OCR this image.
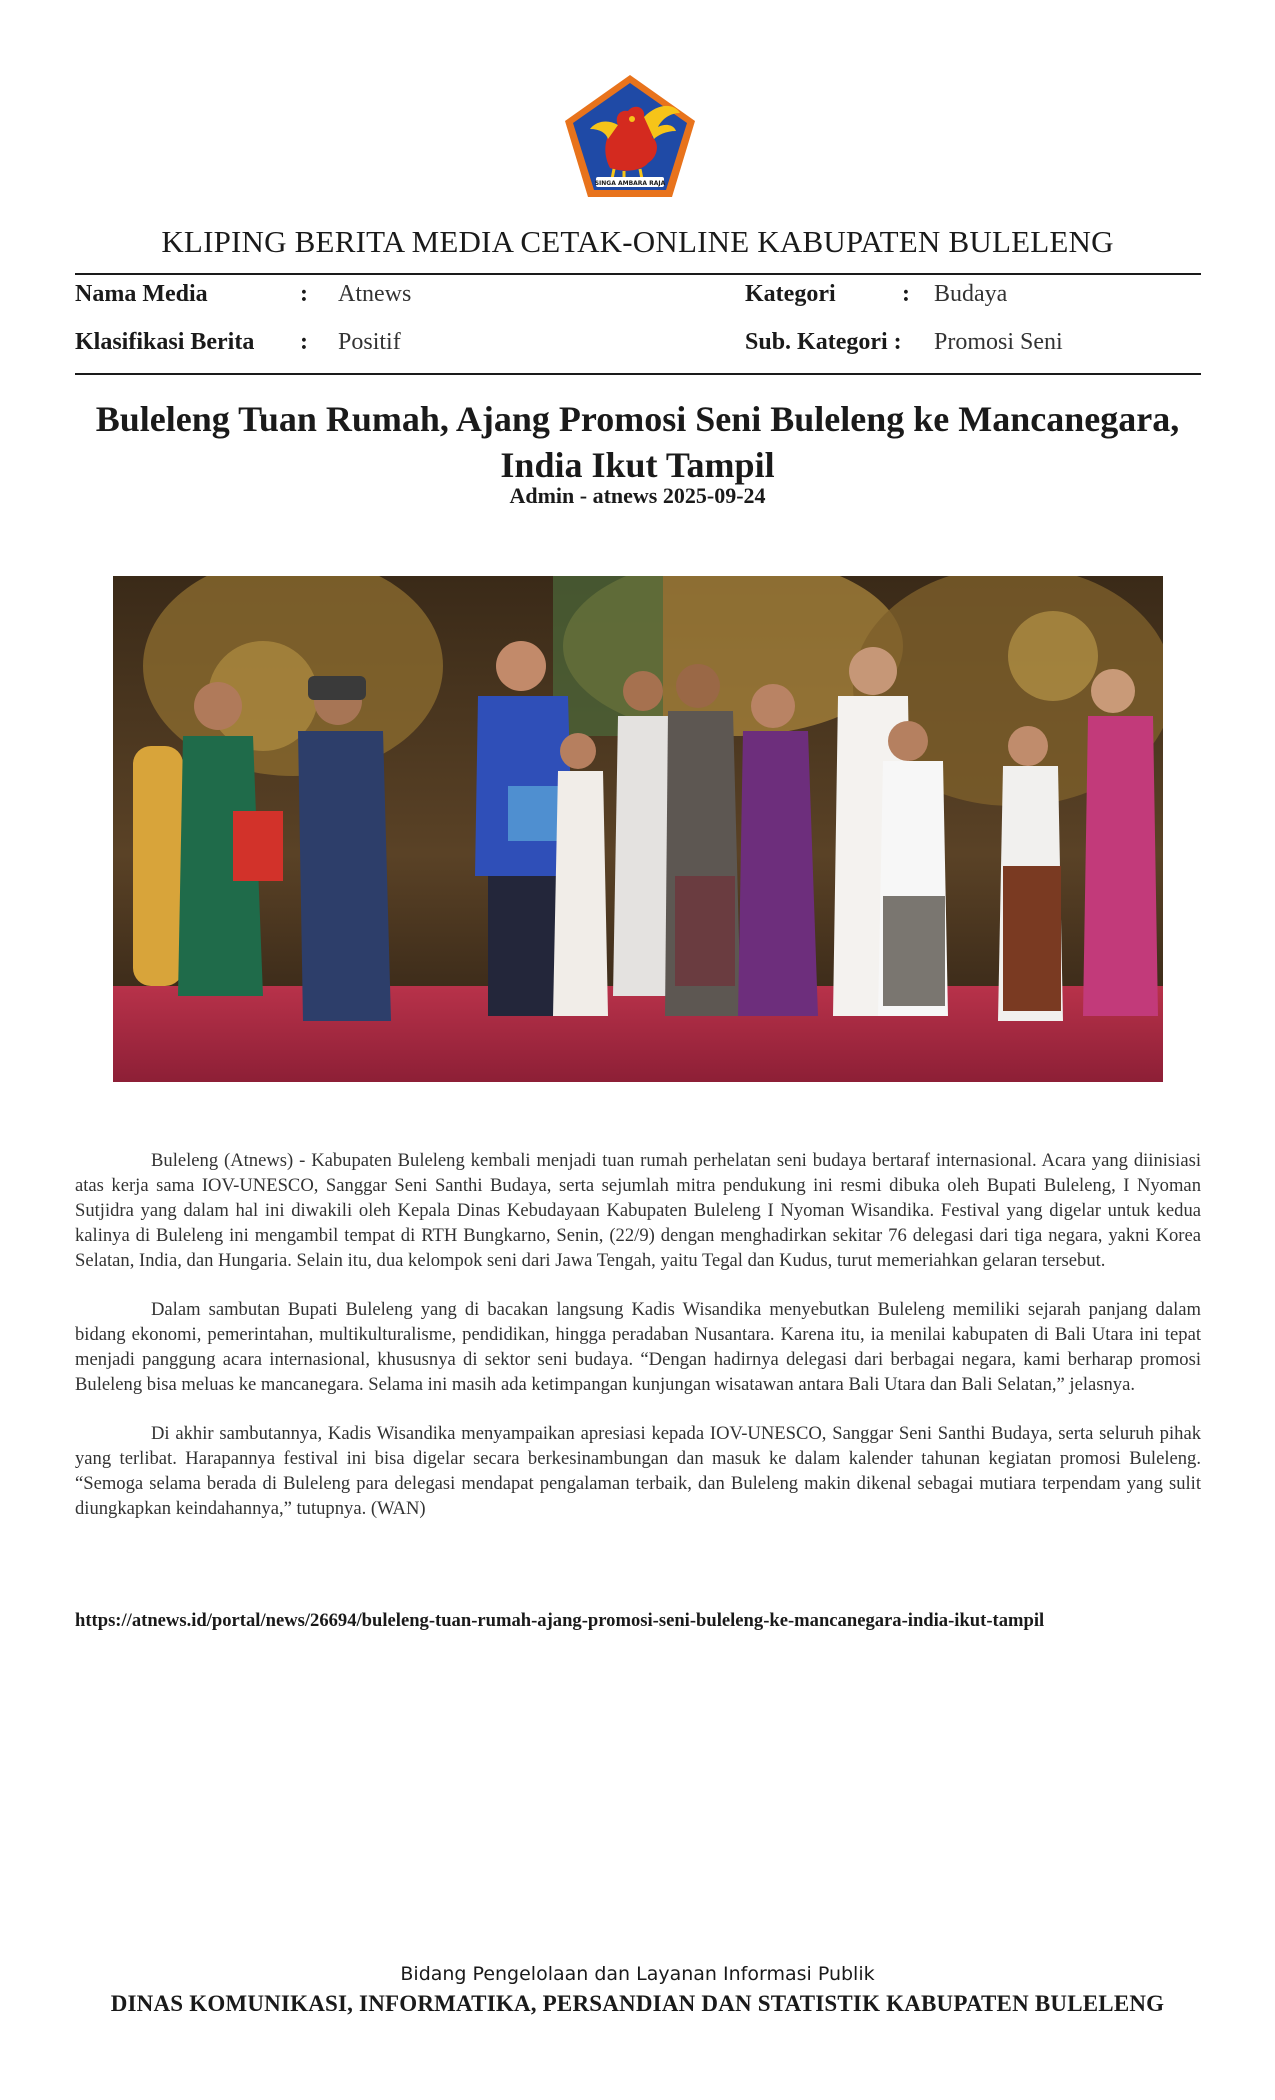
SINGA AMBARA RAJA
KLIPING BERITA MEDIA CETAK-ONLINE KABUPATEN BULELENG
Nama Media	: Atnews	Kategori	: Budaya
Klasifikasi Berita : Positif	Sub. Kategori : Promosi Seni
Buleleng Tuan Rumah, Ajang Promosi Seni Buleleng ke Mancanegara, India Ikut Tampil
Admin - atnews 2025-09-24

Buleleng (Atnews) - Kabupaten Buleleng kembali menjadi tuan rumah perhelatan seni budaya bertaraf internasional. Acara yang diinisiasi atas kerja sama IOV-UNESCO, Sanggar Seni Santhi Budaya, serta sejumlah mitra pendukung ini resmi dibuka oleh Bupati Buleleng, I Nyoman Sutjidra yang dalam hal ini diwakili oleh Kepala Dinas Kebudayaan Kabupaten Buleleng I Nyoman Wisandika. Festival yang digelar untuk kedua kalinya di Buleleng ini mengambil tempat di RTH Bungkarno, Senin, (22/9) dengan menghadirkan sekitar 76 delegasi dari tiga negara, yakni Korea Selatan, India, dan Hungaria. Selain itu, dua kelompok seni dari Jawa Tengah, yaitu Tegal dan Kudus, turut memeriahkan gelaran tersebut.

Dalam sambutan Bupati Buleleng yang di bacakan langsung Kadis Wisandika menyebutkan Buleleng memiliki sejarah panjang dalam bidang ekonomi, pemerintahan, multikulturalisme, pendidikan, hingga peradaban Nusantara. Karena itu, ia menilai kabupaten di Bali Utara ini tepat menjadi panggung acara internasional, khususnya di sektor seni budaya. “Dengan hadirnya delegasi dari berbagai negara, kami berharap promosi Buleleng bisa meluas ke mancanegara. Selama ini masih ada ketimpangan kunjungan wisatawan antara Bali Utara dan Bali Selatan,” jelasnya.

Di akhir sambutannya, Kadis Wisandika menyampaikan apresiasi kepada IOV-UNESCO, Sanggar Seni Santhi Budaya, serta seluruh pihak yang terlibat. Harapannya festival ini bisa digelar secara berkesinambungan dan masuk ke dalam kalender tahunan kegiatan promosi Buleleng. “Semoga selama berada di Buleleng para delegasi mendapat pengalaman terbaik, dan Buleleng makin dikenal sebagai mutiara terpendam yang sulit diungkapkan keindahannya,” tutupnya. (WAN)

https://atnews.id/portal/news/26694/buleleng-tuan-rumah-ajang-promosi-seni-buleleng-ke-mancanegara-india-ikut-tampil
Bidang Pengelolaan dan Layanan Informasi Publik
DINAS KOMUNIKASI, INFORMATIKA, PERSANDIAN DAN STATISTIK KABUPATEN BULELENG
